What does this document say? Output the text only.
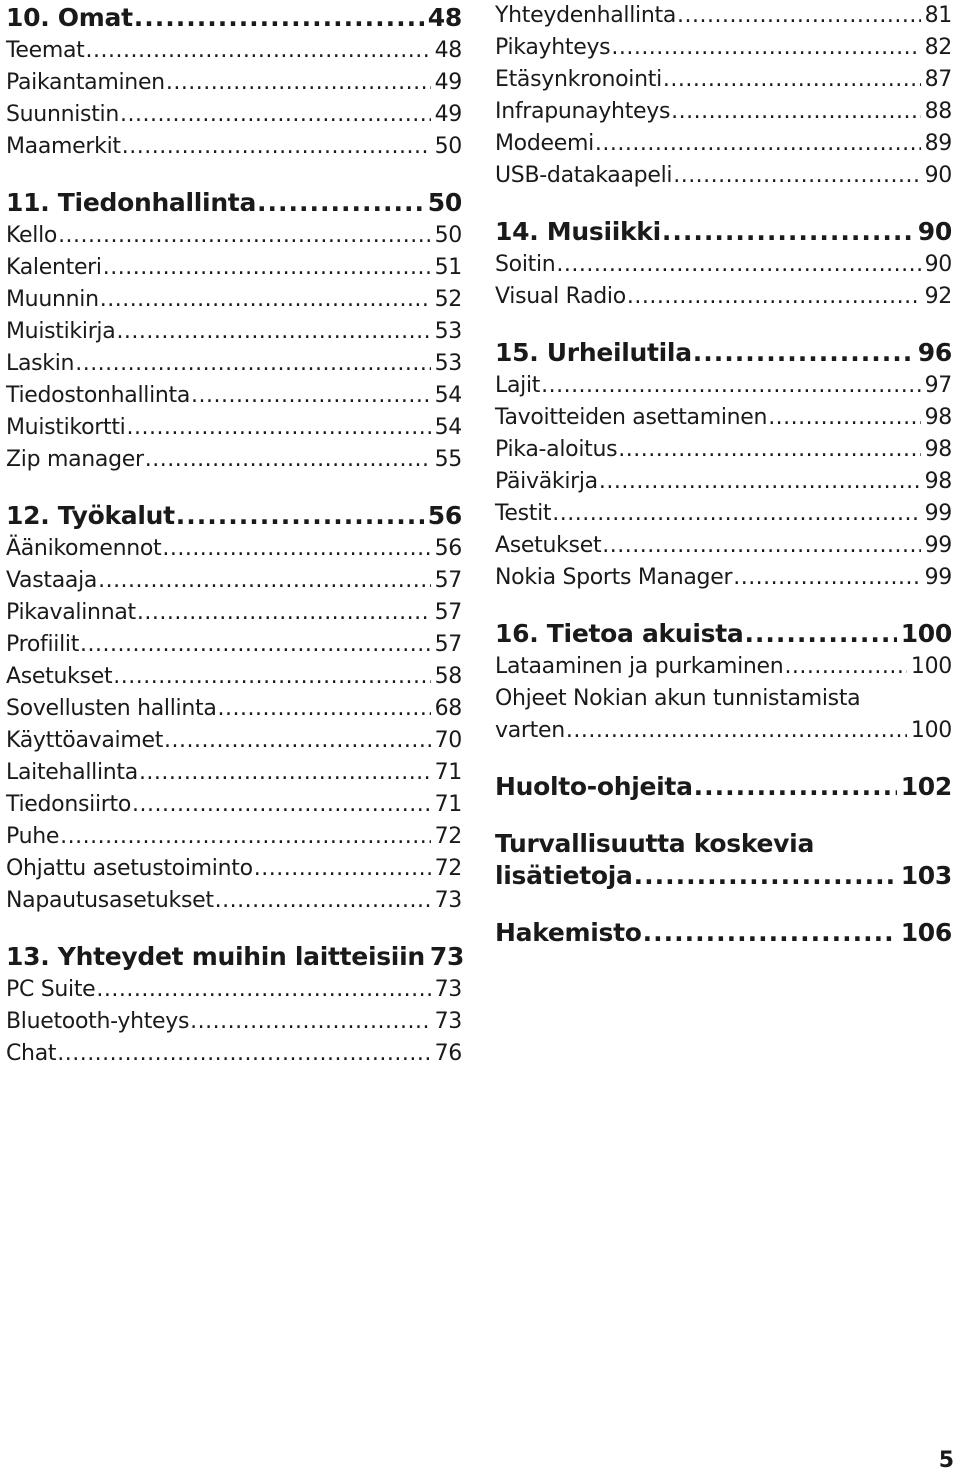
10. Omat .....	48
Teemat .....	48
Paikantaminen .....	49
Suunnistin .....	49
Maamerkit .....	50
11. Tiedonhallinta .....	50
Kello .....	50
Kalenteri .....	51
Muunnin .....	52
Muistikirja .....	53
Laskin .....	53
Tiedostonhallinta .....	54
Muistikortti .....	54
Zip manager .....	55
12. Työkalut .....	56
Äänikomennot .....	56
Vastaaja .....	57
Pikavalinnat .....	57
Profiilit .....	57
Asetukset .....	58
Sovellusten hallinta .....	68
Käyttöavaimet .....	70
Laitehallinta .....	71
Tiedonsiirto .....	71
Puhe .....	72
Ohjattu asetustoiminto .....	72
Napautusasetukset .....	73
13. Yhteydet muihin laitteisiin 73
PC Suite .....	73
Bluetooth-yhteys .....	73
Chat .....	76
Yhteydenhallinta .....	81
Pikayhteys .....	82
Etäsynkronointi .....	87
Infrapunayhteys .....	88
Modeemi .....	89
USB-datakaapeli .....	90
14. Musiikki .....	90
Soitin .....	90
Visual Radio .....	92
15. Urheilutila .....	96
Lajit .....	97
Tavoitteiden asettaminen .....	98
Pika-aloitus .....	98
Päiväkirja .....	98
Testit .....	99
Asetukset .....	99
Nokia Sports Manager .....	99
16. Tietoa akuista .....	100
Lataaminen ja purkaminen .....	100
Ohjeet Nokian akun tunnistamista
varten .....	100
Huolto-ohjeita .....	102
Turvallisuutta koskevia
lisätietoja .....	103
Hakemisto .....	106
5
